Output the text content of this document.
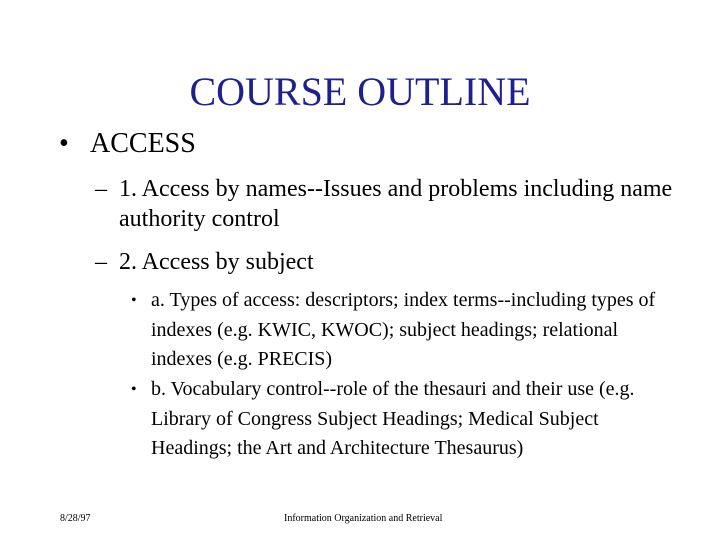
COURSE OUTLINE
• ACCESS
– 1. Access by names--Issues and problems including name authority control
– 2. Access by subject
• a. Types of access: descriptors; index terms--including types of indexes (e.g. KWIC, KWOC); subject headings; relational indexes (e.g. PRECIS)
• b. Vocabulary control--role of the thesauri and their use (e.g. Library of Congress Subject Headings; Medical Subject Headings; the Art and Architecture Thesaurus)
8/28/97	Information Organization and Retrieval
